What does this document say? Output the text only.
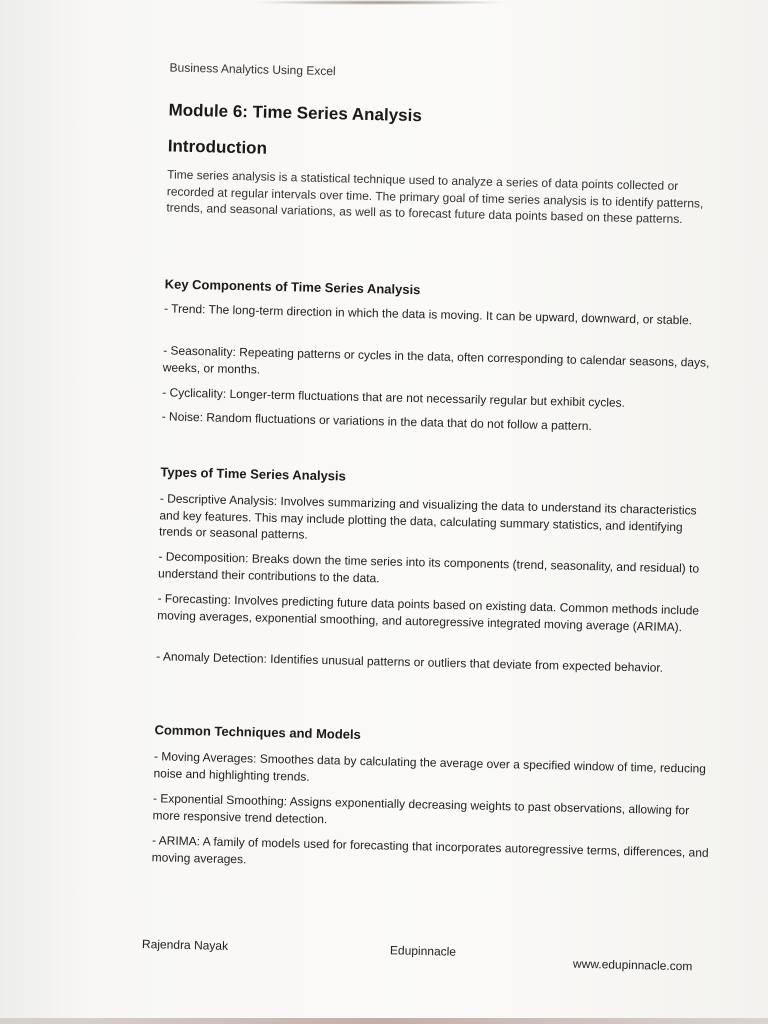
Business Analytics Using Excel

Module 6: Time Series Analysis
Introduction

Time series analysis is a statistical technique used to analyze a series of data points collected or recorded at regular intervals over time. The primary goal of time series analysis is to identify patterns, trends, and seasonal variations, as well as to forecast future data points based on these patterns.

Key Components of Time Series Analysis

- Trend: The long-term direction in which the data is moving. It can be upward, downward, or stable.

- Seasonality: Repeating patterns or cycles in the data, often corresponding to calendar seasons, days, weeks, or months.

- Cyclicality: Longer-term fluctuations that are not necessarily regular but exhibit cycles.

- Noise: Random fluctuations or variations in the data that do not follow a pattern.

Types of Time Series Analysis

- Descriptive Analysis: Involves summarizing and visualizing the data to understand its characteristics and key features. This may include plotting the data, calculating summary statistics, and identifying trends or seasonal patterns.

- Decomposition: Breaks down the time series into its components (trend, seasonality, and residual) to understand their contributions to the data.

- Forecasting: Involves predicting future data points based on existing data. Common methods include moving averages, exponential smoothing, and autoregressive integrated moving average (ARIMA).

- Anomaly Detection: Identifies unusual patterns or outliers that deviate from expected behavior.

Common Techniques and Models

- Moving Averages: Smoothes data by calculating the average over a specified window of time, reducing noise and highlighting trends.

- Exponential Smoothing: Assigns exponentially decreasing weights to past observations, allowing for more responsive trend detection.

- ARIMA: A family of models used for forecasting that incorporates autoregressive terms, differences, and moving averages.

Rajendra Nayak	Edupinnacle

www.edupinnacle.com
